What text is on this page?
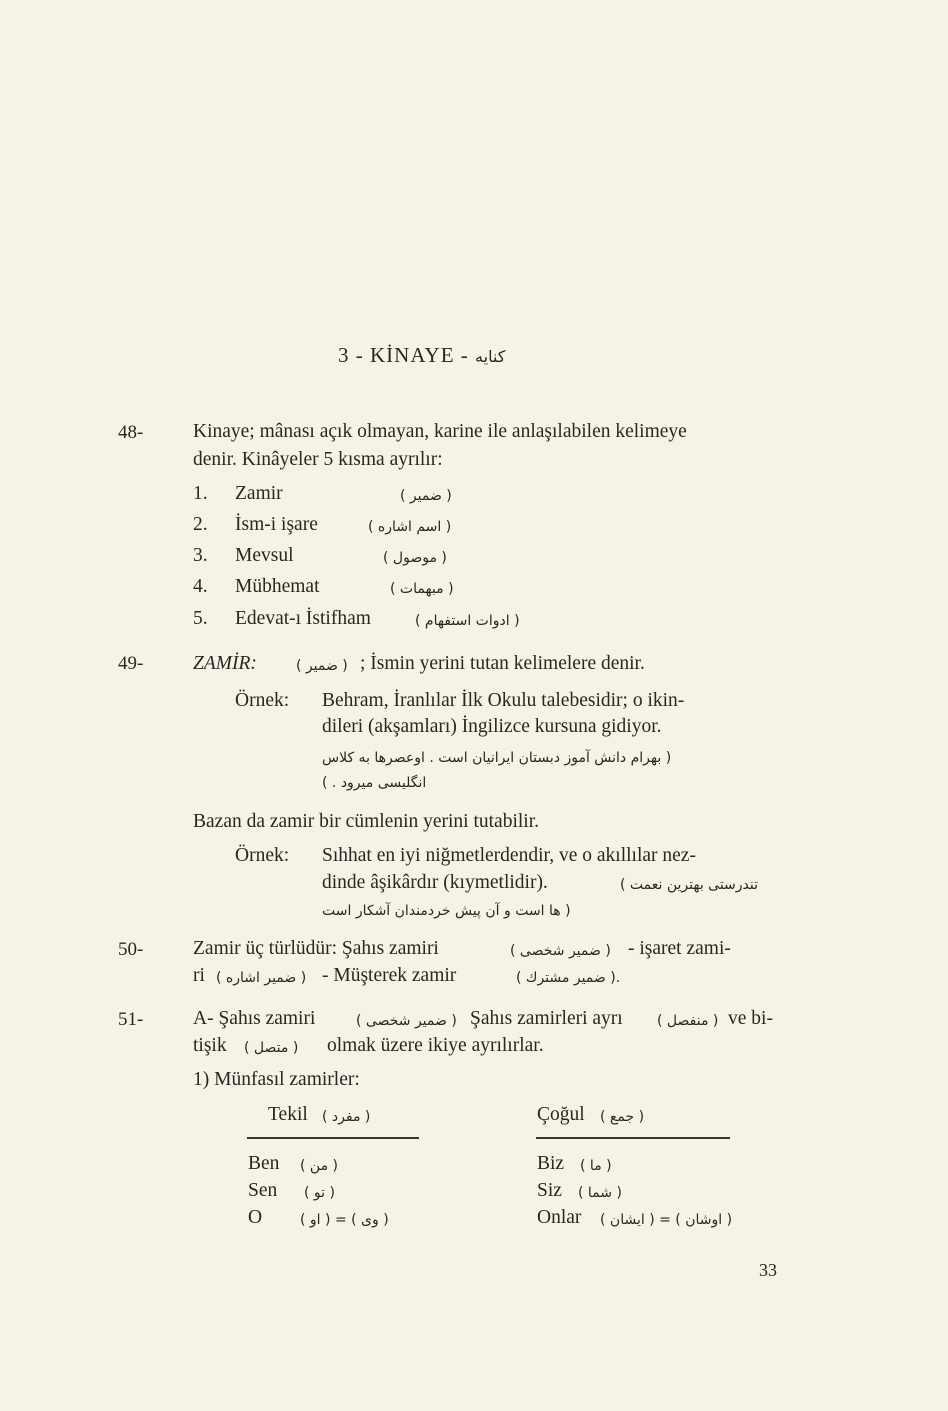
3 - KİNAYE - کنایه
48-	Kinaye; mânası açık olmayan, karine ile anlaşılabilen kelimeye
denir. Kinâyeler 5 kısma ayrılır:
1. Zamir	( ضمير )
2. İsm-i işare	( اسم اشاره )
3. Mevsul	( موصول )
4. Mübhemat	( مبهمات )
5. Edevat-ı İstifham	( ادوات استفهام )
49-	ZAMİR:	( ضمير ) ; İsmin yerini tutan kelimelere denir.
Örnek: Behram, İranlılar İlk Okulu talebesidir; o ikin-
dileri (akşamları) İngilizce kursuna gidiyor.
( بهرام دانش آموز دبستان ایرانیان است . اوعصرها به کلاس
انگلیسی میرود . )
Bazan da zamir bir cümlenin yerini tutabilir.
Örnek: Sıhhat en iyi niğmetlerdendir, ve o akıllılar nez-
dinde âşikârdır (kıymetlidir).	( تندرستی بهترین نعمت
ها است و آن پیش خردمندان آشکار است )
50-	Zamir üç türlüdür: Şahıs zamiri	( ضمير شخصی ) - işaret zami-
ri ( ضمير اشاره ) - Müşterek zamir	( ضمير مشترك ).
51-	A- Şahıs zamiri	( ضمير شخصی ) Şahıs zamirleri ayrı ( منفصل ) ve bi-
tişik ( متصل ) olmak üzere ikiye ayrılırlar.
1) Münfasıl zamirler:
Tekil ( مفرد )	Çoğul ( جمع )
Ben ( من )	Biz ( ما )
Sen ( تو )	Siz ( شما )
O	( او ) = ( وی )	Onlar ( ایشان ) = ( اوشان )
33
